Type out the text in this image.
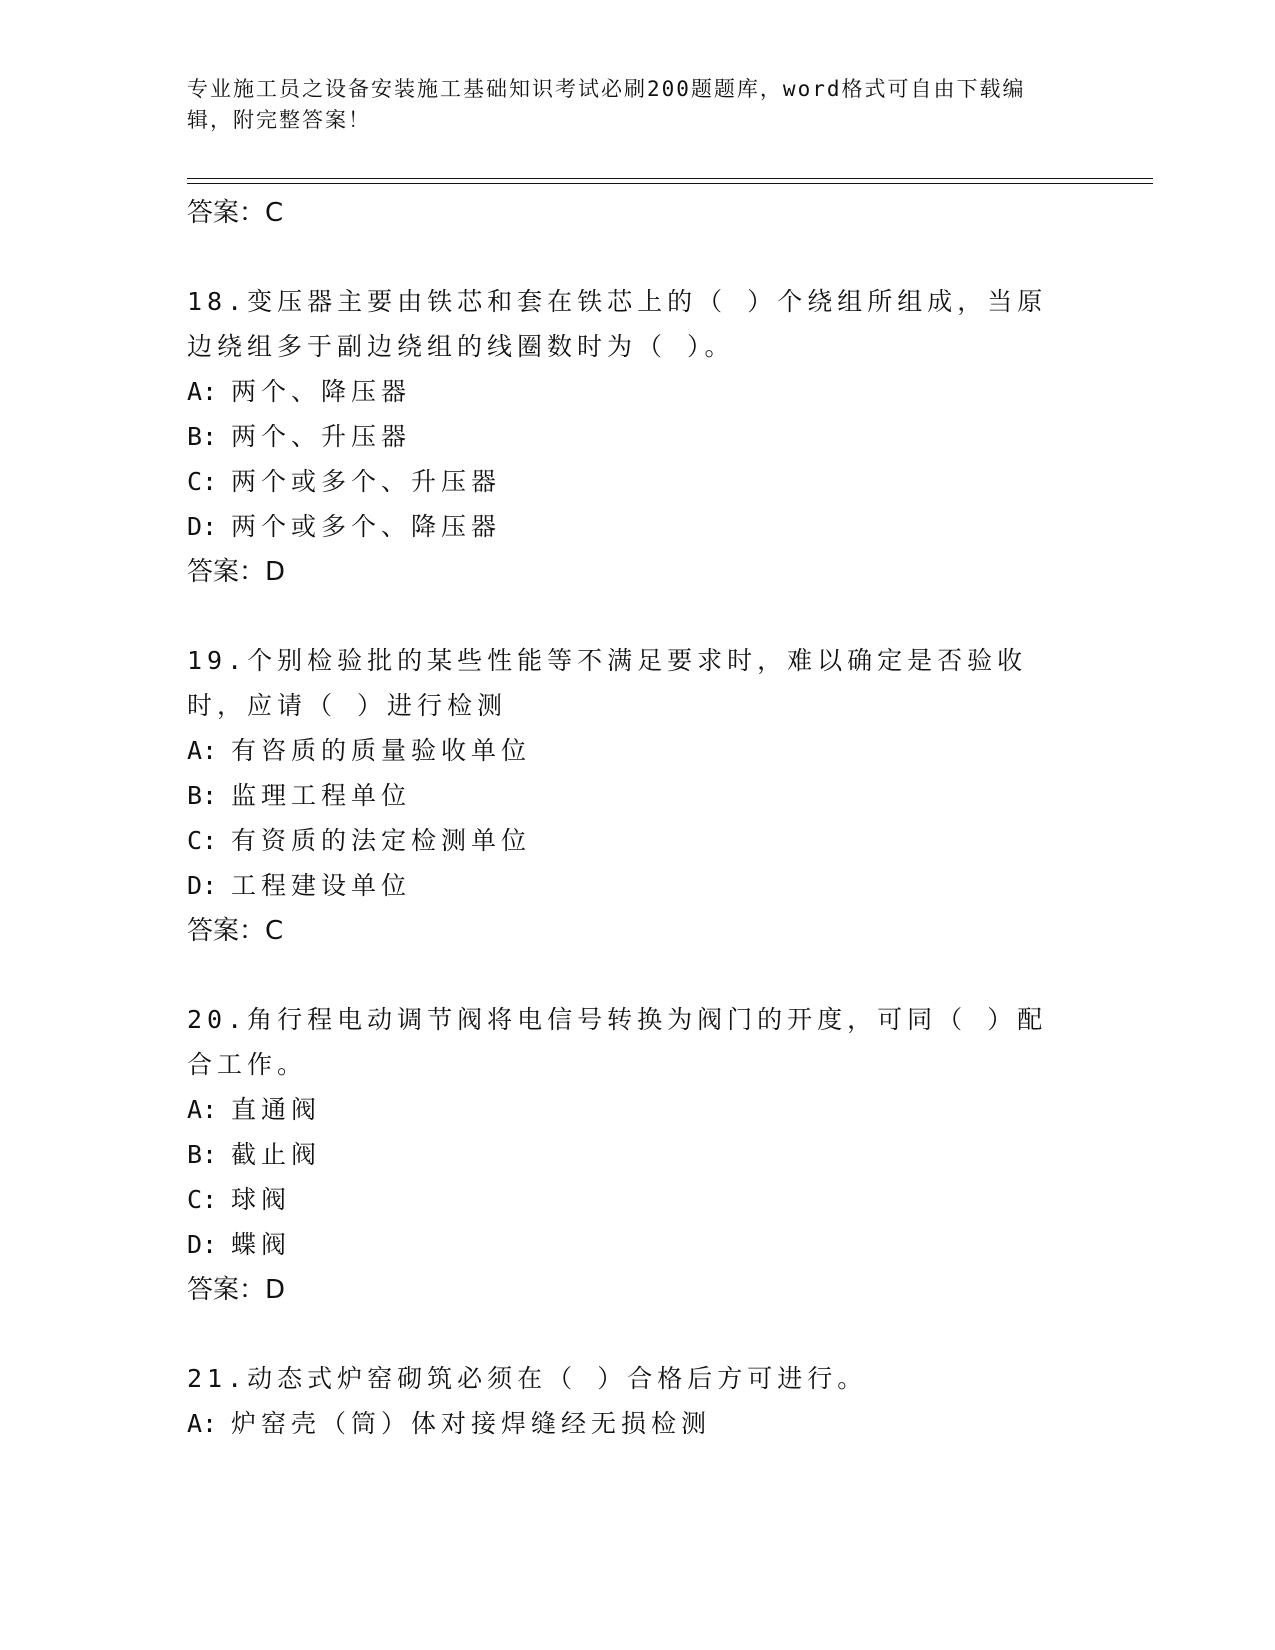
专业施工员之设备安装施工基础知识考试必刷200题题库，word格式可自由下载编辑，附完整答案！
答案：C
18.变压器主要由铁芯和套在铁芯上的（ ）个绕组所组成，当原边绕组多于副边绕组的线圈数时为（ ）。
A: 两个、降压器
B: 两个、升压器
C: 两个或多个、升压器
D: 两个或多个、降压器
答案：D
19.个别检验批的某些性能等不满足要求时，难以确定是否验收时，应请（ ）进行检测
A: 有咨质的质量验收单位
B: 监理工程单位
C: 有资质的法定检测单位
D: 工程建设单位
答案：C
20.角行程电动调节阀将电信号转换为阀门的开度，可同（ ）配合工作。
A: 直通阀
B: 截止阀
C: 球阀
D: 蝶阀
答案：D
21.动态式炉窑砌筑必须在（ ）合格后方可进行。
A: 炉窑壳（筒）体对接焊缝经无损检测
